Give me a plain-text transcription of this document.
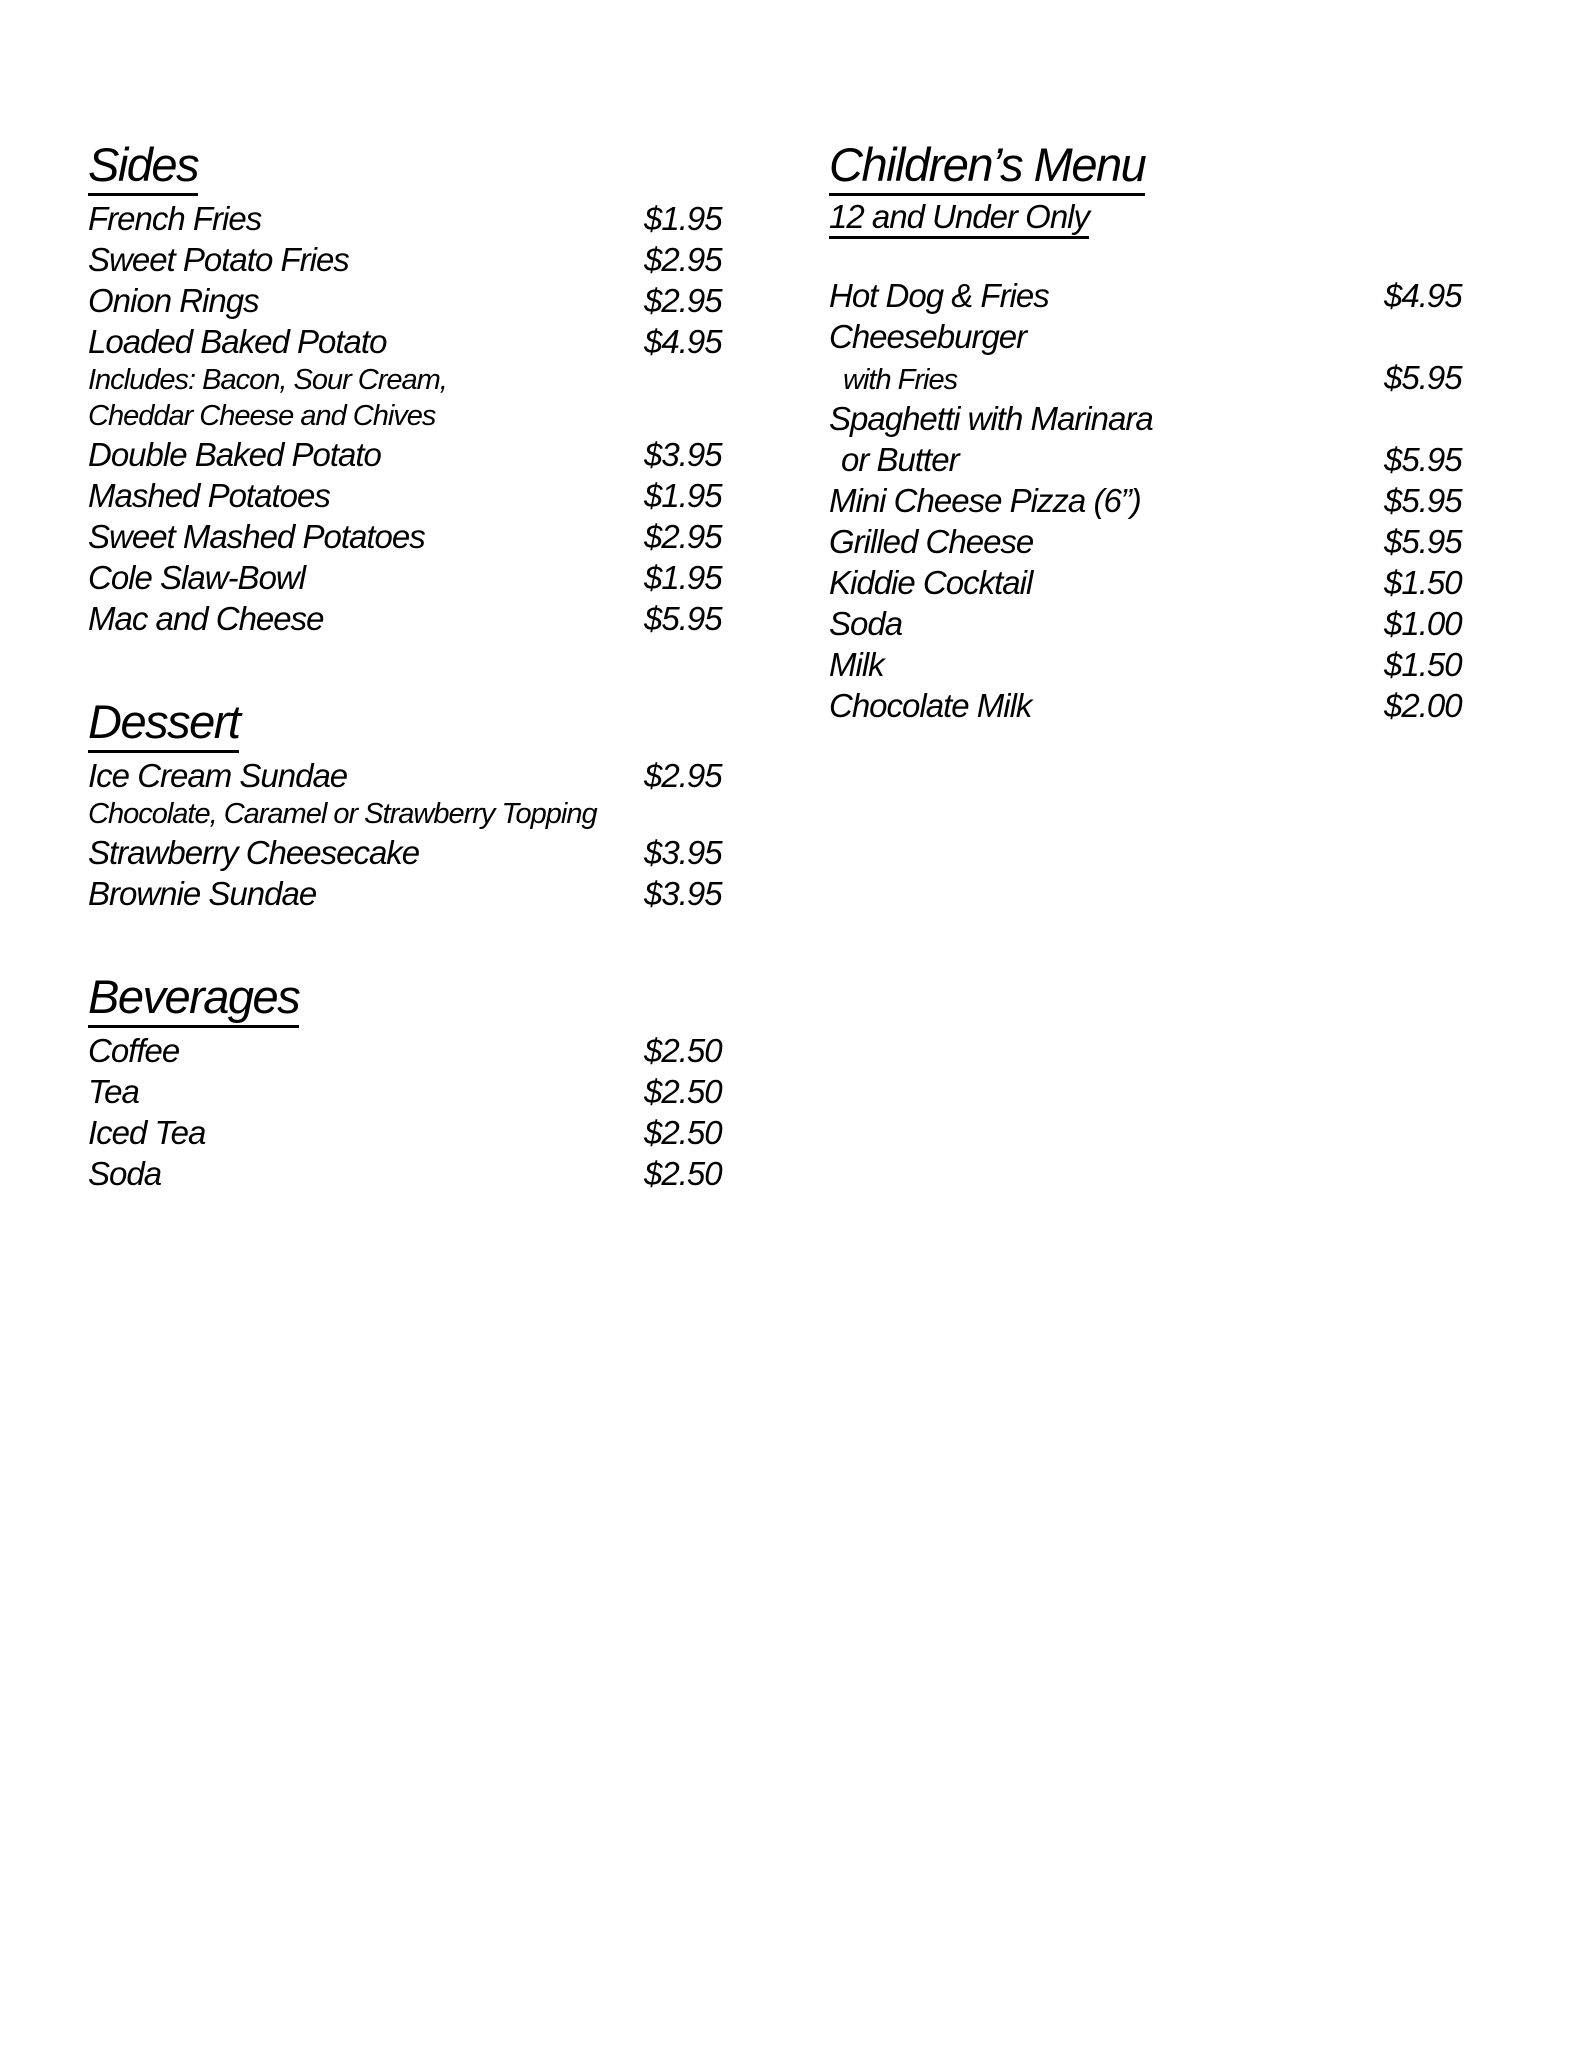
Sides
French Fries	$1.95
Sweet Potato Fries	$2.95
Onion Rings	$2.95
Loaded Baked Potato	$4.95
Includes: Bacon, Sour Cream,
Cheddar Cheese and Chives
Double Baked Potato	$3.95
Mashed Potatoes	$1.95
Sweet Mashed Potatoes	$2.95
Cole Slaw-Bowl	$1.95
Mac and Cheese	$5.95
Dessert
Ice Cream Sundae	$2.95
Chocolate, Caramel or Strawberry Topping
Strawberry Cheesecake	$3.95
Brownie Sundae	$3.95
Beverages
Coffee	$2.50
Tea	$2.50
Iced Tea	$2.50
Soda	$2.50
Children’s Menu
12 and Under Only
Hot Dog & Fries	$4.95
Cheeseburger
with Fries	$5.95
Spaghetti with Marinara
or Butter	$5.95
Mini Cheese Pizza (6”)	$5.95
Grilled Cheese	$5.95
Kiddie Cocktail	$1.50
Soda	$1.00
Milk	$1.50
Chocolate Milk	$2.00
